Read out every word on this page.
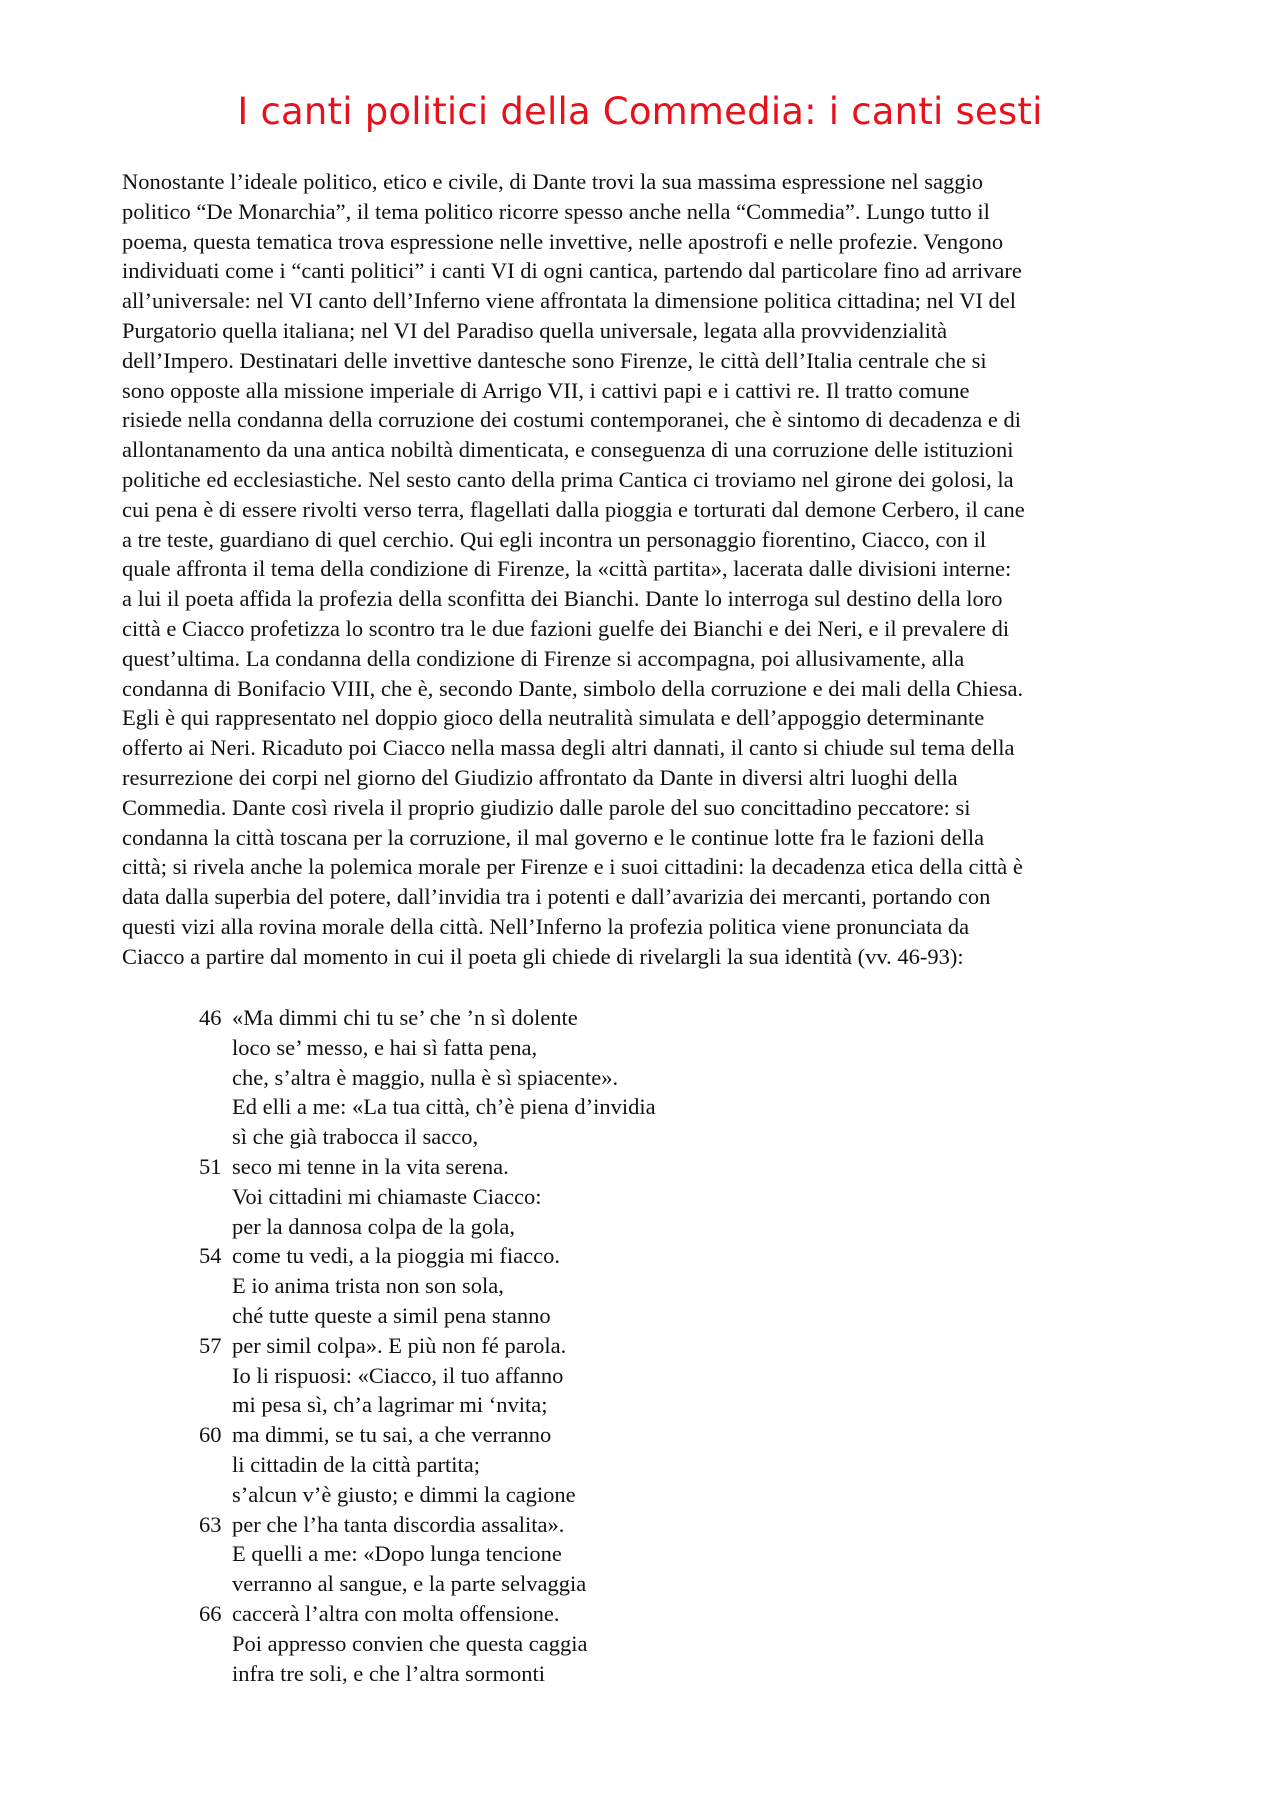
I canti politici della Commedia: i canti sesti
Nonostante l’ideale politico, etico e civile, di Dante trovi la sua massima espressione nel saggio
politico “De Monarchia”, il tema politico ricorre spesso anche nella “Commedia”. Lungo tutto il
poema, questa tematica trova espressione nelle invettive, nelle apostrofi e nelle profezie. Vengono
individuati come i “canti politici” i canti VI di ogni cantica, partendo dal particolare fino ad arrivare
all’universale: nel VI canto dell’Inferno viene affrontata la dimensione politica cittadina; nel VI del
Purgatorio quella italiana; nel VI del Paradiso quella universale, legata alla provvidenzialità
dell’Impero. Destinatari delle invettive dantesche sono Firenze, le città dell’Italia centrale che si
sono opposte alla missione imperiale di Arrigo VII, i cattivi papi e i cattivi re. Il tratto comune
risiede nella condanna della corruzione dei costumi contemporanei, che è sintomo di decadenza e di
allontanamento da una antica nobiltà dimenticata, e conseguenza di una corruzione delle istituzioni
politiche ed ecclesiastiche. Nel sesto canto della prima Cantica ci troviamo nel girone dei golosi, la
cui pena è di essere rivolti verso terra, flagellati dalla pioggia e torturati dal demone Cerbero, il cane
a tre teste, guardiano di quel cerchio. Qui egli incontra un personaggio fiorentino, Ciacco, con il
quale affronta il tema della condizione di Firenze, la «città partita», lacerata dalle divisioni interne:
a lui il poeta affida la profezia della sconfitta dei Bianchi. Dante lo interroga sul destino della loro
città e Ciacco profetizza lo scontro tra le due fazioni guelfe dei Bianchi e dei Neri, e il prevalere di
quest’ultima. La condanna della condizione di Firenze si accompagna, poi allusivamente, alla
condanna di Bonifacio VIII, che è, secondo Dante, simbolo della corruzione e dei mali della Chiesa.
Egli è qui rappresentato nel doppio gioco della neutralità simulata e dell’appoggio determinante
offerto ai Neri. Ricaduto poi Ciacco nella massa degli altri dannati, il canto si chiude sul tema della
resurrezione dei corpi nel giorno del Giudizio affrontato da Dante in diversi altri luoghi della
Commedia. Dante così rivela il proprio giudizio dalle parole del suo concittadino peccatore: si
condanna la città toscana per la corruzione, il mal governo e le continue lotte fra le fazioni della
città; si rivela anche la polemica morale per Firenze e i suoi cittadini: la decadenza etica della città è
data dalla superbia del potere, dall’invidia tra i potenti e dall’avarizia dei mercanti, portando con
questi vizi alla rovina morale della città. Nell’Inferno la profezia politica viene pronunciata da
Ciacco a partire dal momento in cui il poeta gli chiede di rivelargli la sua identità (vv. 46-93):
46 «Ma dimmi chi tu se’ che ’n sì dolente
loco se’ messo, e hai sì fatta pena,
che, s’altra è maggio, nulla è sì spiacente».
Ed elli a me: «La tua città, ch’è piena d’invidia
sì che già trabocca il sacco,
51 seco mi tenne in la vita serena.
Voi cittadini mi chiamaste Ciacco:
per la dannosa colpa de la gola,
54 come tu vedi, a la pioggia mi fiacco.
E io anima trista non son sola,
ché tutte queste a simil pena stanno
57 per simil colpa». E più non fé parola.
Io li rispuosi: «Ciacco, il tuo affanno
mi pesa sì, ch’a lagrimar mi ‘nvita;
60 ma dimmi, se tu sai, a che verranno
li cittadin de la città partita;
s’alcun v’è giusto; e dimmi la cagione
63 per che l’ha tanta discordia assalita».
E quelli a me: «Dopo lunga tencione
verranno al sangue, e la parte selvaggia
66 caccerà l’altra con molta offensione.
Poi appresso convien che questa caggia
infra tre soli, e che l’altra sormonti
